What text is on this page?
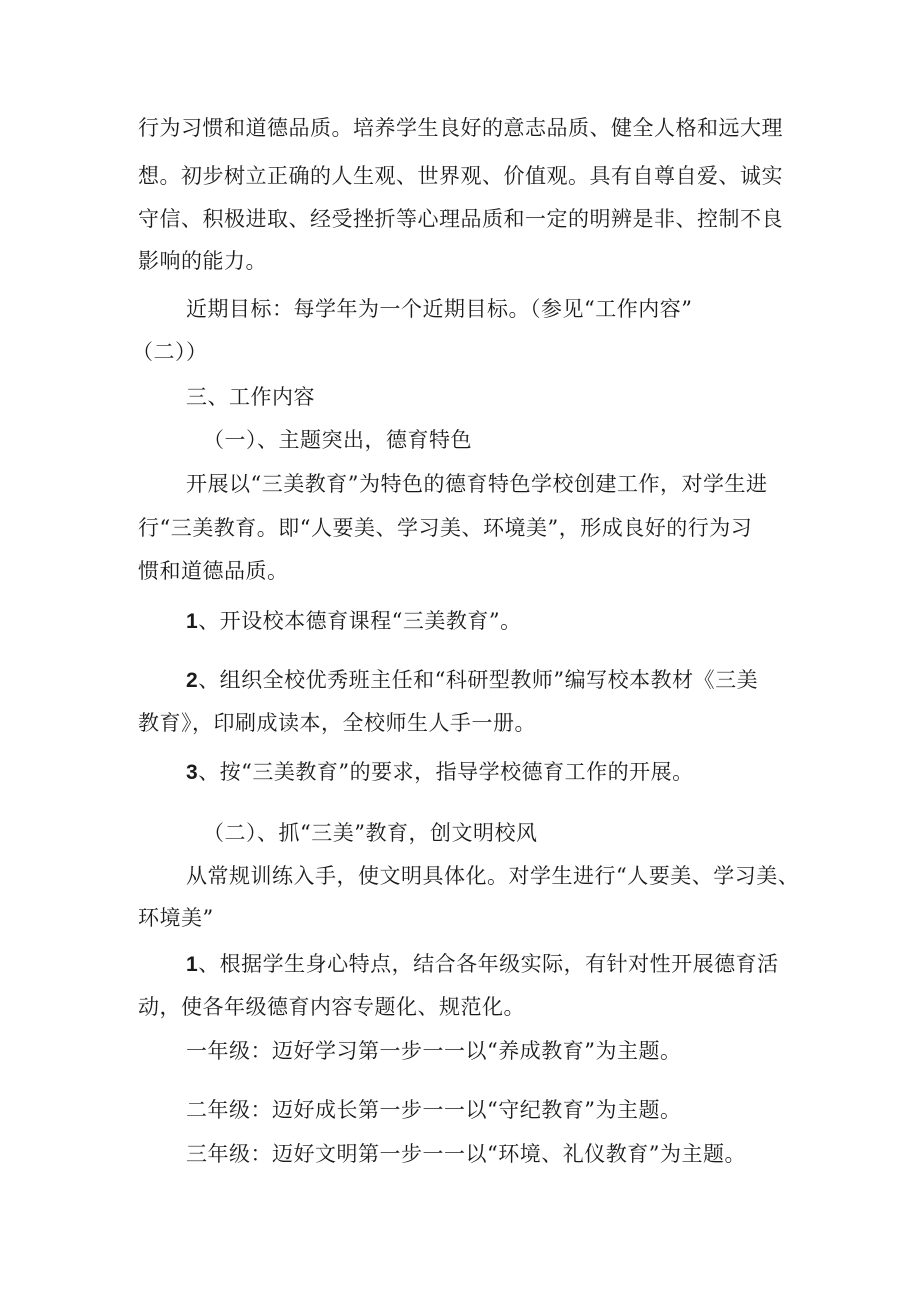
行为习惯和道德品质。培养学生良好的意志品质、健全人格和远大理
想。初步树立正确的人生观、世界观、价值观。具有自尊自爱、诚实
守信、积极进取、经受挫折等心理品质和一定的明辨是非、控制不良
影响的能力。
近期目标：每学年为一个近期目标。（参见“工作内容”
（二））
三、工作内容
（一）、主题突出，德育特色
开展以“三美教育”为特色的德育特色学校创建工作，对学生进
行“三美教育。即“人要美、学习美、环境美”，形成良好的行为习
惯和道德品质。
1、开设校本德育课程“三美教育”。
2、组织全校优秀班主任和“科研型教师”编写校本教材《三美
教育》，印刷成读本，全校师生人手一册。
3、按“三美教育”的要求，指导学校德育工作的开展。
（二）、抓“三美”教育，创文明校风
从常规训练入手，使文明具体化。对学生进行“人要美、学习美、
环境美”
1、根据学生身心特点，结合各年级实际，有针对性开展德育活
动，使各年级德育内容专题化、规范化。
一年级：迈好学习第一步一一以“养成教育”为主题。
二年级：迈好成长第一步一一以“守纪教育”为主题。
三年级：迈好文明第一步一一以“环境、礼仪教育”为主题。
